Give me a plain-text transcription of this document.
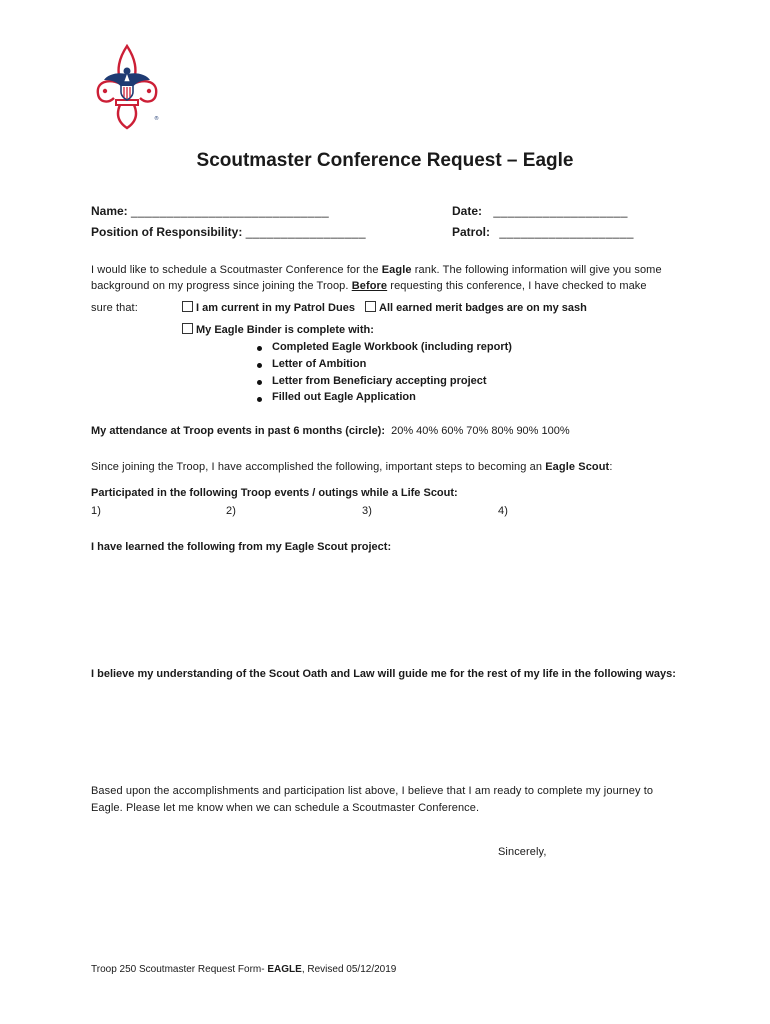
®
Scoutmaster Conference Request – Eagle
Name: ____________________________	Date: ___________________
Position of Responsibility: _________________	Patrol: ___________________
I would like to schedule a Scoutmaster Conference for the Eagle rank. The following information will give you some
background on my progress since joining the Troop. Before requesting this conference, I have checked to make
sure that:	I am current in my Patrol Dues	All earned merit badges are on my sash
My Eagle Binder is complete with:
Completed Eagle Workbook (including report)
Letter of Ambition
Letter from Beneficiary accepting project
Filled out Eagle Application
My attendance at Troop events in past 6 months (circle): 20% 40% 60% 70% 80% 90% 100%
Since joining the Troop, I have accomplished the following, important steps to becoming an Eagle Scout:
Participated in the following Troop events / outings while a Life Scout:
1)	2)	3)	4)
I have learned the following from my Eagle Scout project:
I believe my understanding of the Scout Oath and Law will guide me for the rest of my life in the following ways:
Based upon the accomplishments and participation list above, I believe that I am ready to complete my journey to
Eagle. Please let me know when we can schedule a Scoutmaster Conference.
Sincerely,
Troop 250 Scoutmaster Request Form- EAGLE, Revised 05/12/2019
